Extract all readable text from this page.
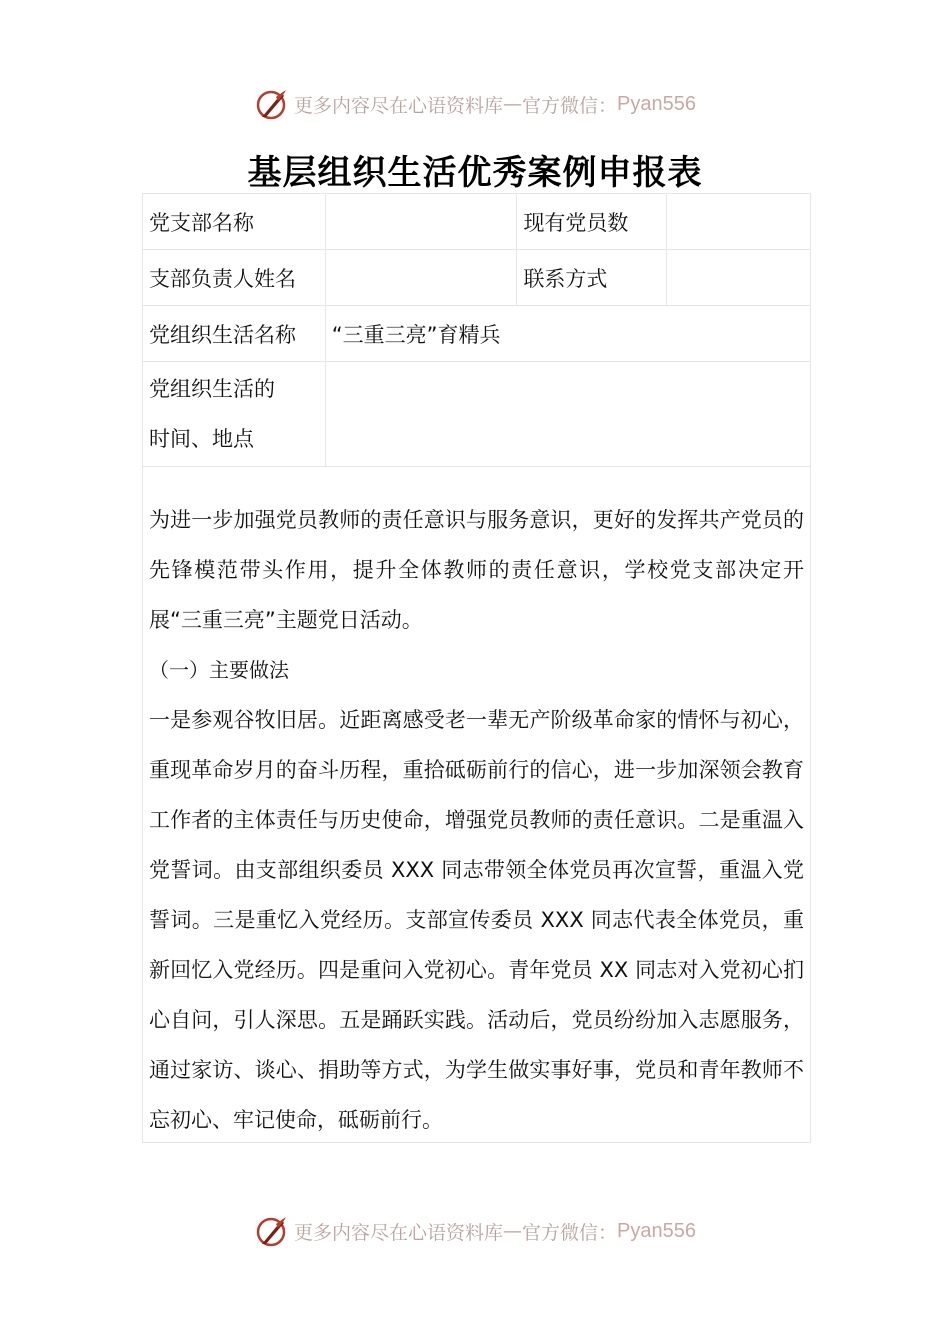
更多内容尽在心语资料库 — 官方微信： Pyan556
基层组织生活优秀案例申报表
党支部名称		现有党员数	
支部负责人姓名		联系方式	
党组织生活名称	“三重三亮”育精兵		

党组织生活的
时间、地点			

为进一步加强党员教师的责任意识与服务意识，更好的发挥共产党员的先锋模范带头作用，提升全体教师的责任意识，学校党支部决定开展“三重三亮”主题党日活动。

（一）主要做法

一是参观谷牧旧居。近距离感受老一辈无产阶级革命家的情怀与初心，重现革命岁月的奋斗历程，重拾砥砺前行的信心，进一步加深领会教育工作者的主体责任与历史使命，增强党员教师的责任意识。二是重温入党誓词。由支部组织委员 XXX 同志带领全体党员再次宣誓，重温入党誓词。三是重忆入党经历。支部宣传委员 XXX 同志代表全体党员，重新回忆入党经历。四是重问入党初心。青年党员 XX 同志对入党初心扪心自问，引人深思。五是踊跃实践。活动后，党员纷纷加入志愿服务，通过家访、谈心、捐助等方式，为学生做实事好事，党员和青年教师不忘初心、牢记使命，砥砺前行。

更多内容尽在心语资料库 — 官方微信： Pyan556
